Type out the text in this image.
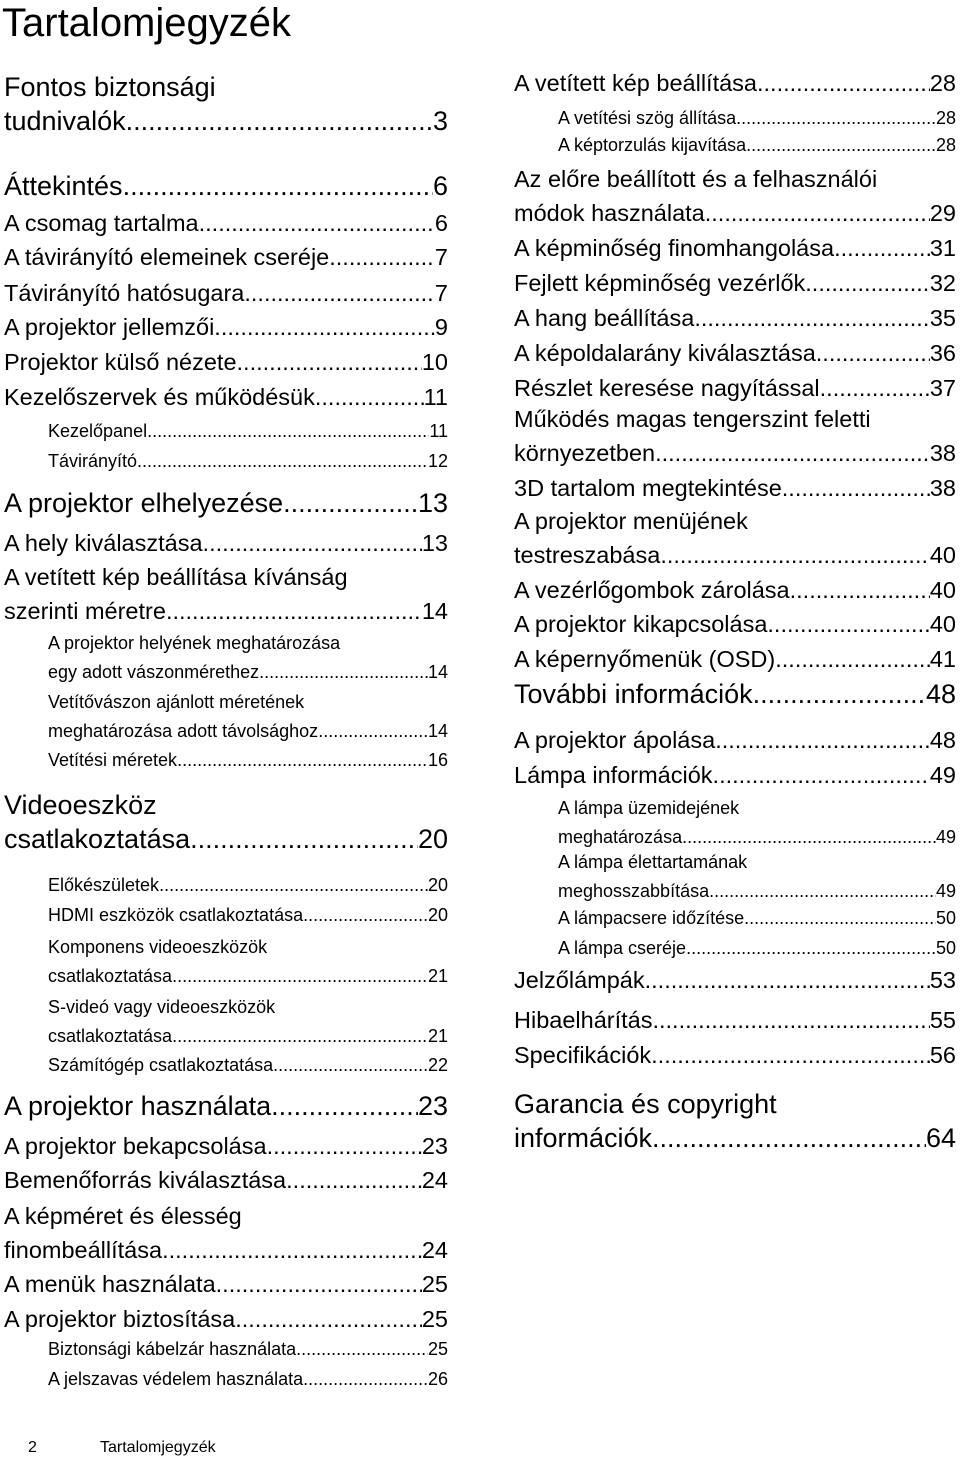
Tartalomjegyzék
Fontos biztonsági
tudnivalók .....	3
Áttekintés .....	6
A csomag tartalma .....	6
A távirányító elemeinek cseréje .....	7
Távirányító hatósugara .....	7
A projektor jellemzői .....	9
Projektor külső nézete .....	10
Kezelőszervek és működésük .....	11
Kezelőpanel .....	11
Távirányító .....	12
A projektor elhelyezése .....	13
A hely kiválasztása .....	13
A vetített kép beállítása kívánság
szerinti méretre .....	14
A projektor helyének meghatározása
egy adott vászonmérethez .....	14
Vetítővászon ajánlott méretének
meghatározása adott távolsághoz .....	14
Vetítési méretek .....	16
Videoeszköz
csatlakoztatása .....	20
Előkészületek .....	20
HDMI eszközök csatlakoztatása .....	20
Komponens videoeszközök
csatlakoztatása .....	21
S-videó vagy videoeszközök
csatlakoztatása .....	21
Számítógép csatlakoztatása .....	22
A projektor használata .....	23
A projektor bekapcsolása .....	23
Bemenőforrás kiválasztása .....	24
A képméret és élesség
finombeállítása .....	24
A menük használata .....	25
A projektor biztosítása .....	25
Biztonsági kábelzár használata .....	25
A jelszavas védelem használata .....	26
A vetített kép beállítása .....	28
A vetítési szög állítása .....	28
A képtorzulás kijavítása .....	28
Az előre beállított és a felhasználói
módok használata .....	29
A képminőség finomhangolása .....	31
Fejlett képminőség vezérlők .....	32
A hang beállítása .....	35
A képoldalarány kiválasztása .....	36
Részlet keresése nagyítással .....	37
Működés magas tengerszint feletti
környezetben .....	38
3D tartalom megtekintése .....	38
A projektor menüjének
testreszabása .....	40
A vezérlőgombok zárolása .....	40
A projektor kikapcsolása .....	40
A képernyőmenük (OSD) .....	41
További információk .....	48
A projektor ápolása .....	48
Lámpa információk .....	49
A lámpa üzemidejének
meghatározása .....	49
A lámpa élettartamának
meghosszabbítása .....	49
A lámpacsere időzítése .....	50
A lámpa cseréje .....	50
Jelzőlámpák .....	53
Hibaelhárítás .....	55
Specifikációk .....	56
Garancia és copyright
információk .....	64
2	Tartalomjegyzék
